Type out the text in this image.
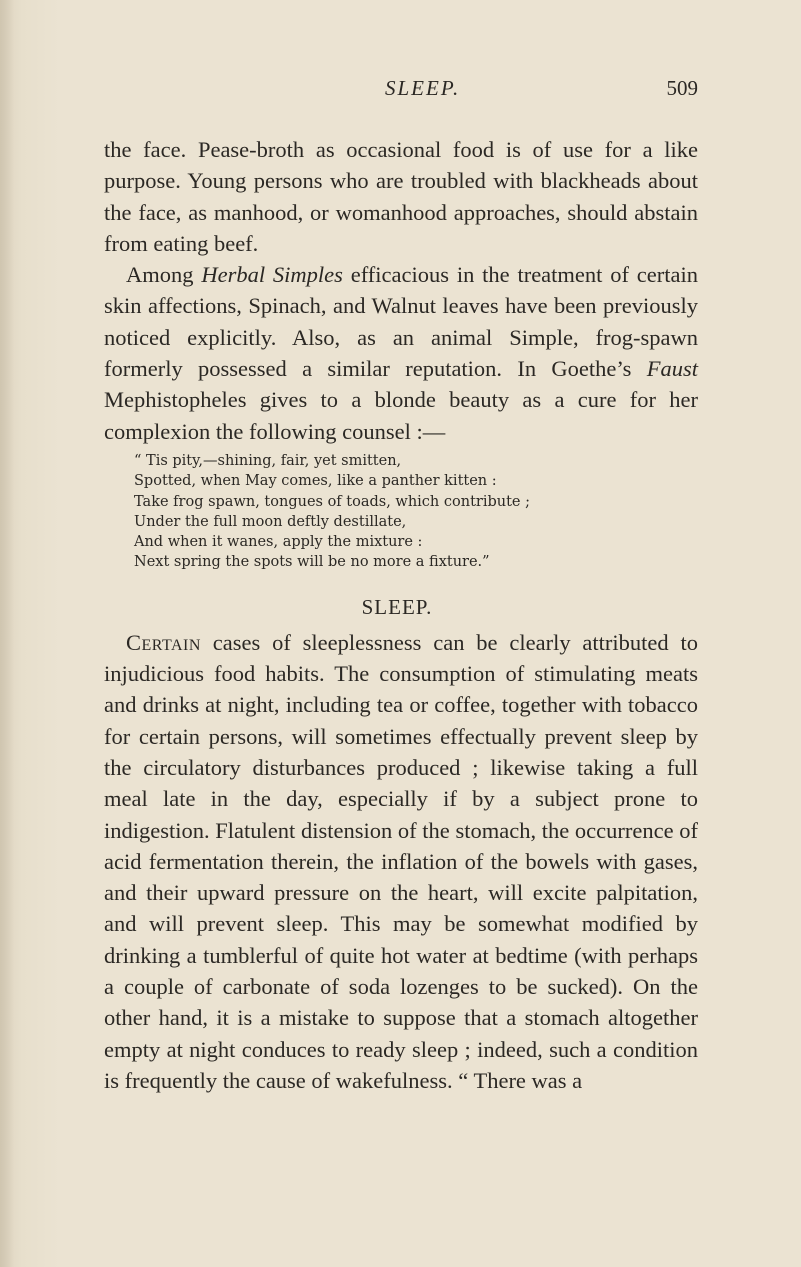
SLEEP.	509

the face. Pease-broth as occasional food is of use for a like purpose. Young persons who are troubled with blackheads about the face, as manhood, or womanhood approaches, should abstain from eating beef.

Among Herbal Simples efficacious in the treatment of certain skin affections, Spinach, and Walnut leaves have been previously noticed explicitly. Also, as an animal Simple, frog-spawn formerly possessed a similar reputation. In Goethe’s Faust Mephistopheles gives to a blonde beauty as a cure for her complexion the following counsel :—

“ Tis pity,—shining, fair, yet smitten,
Spotted, when May comes, like a panther kitten :
Take frog spawn, tongues of toads, which contribute ;
Under the full moon deftly destillate,
And when it wanes, apply the mixture :
Next spring the spots will be no more a fixture.”
SLEEP.

Certain cases of sleeplessness can be clearly attributed to injudicious food habits. The consumption of stimulating meats and drinks at night, including tea or coffee, together with tobacco for certain persons, will sometimes effectually prevent sleep by the circulatory disturbances produced ; likewise taking a full meal late in the day, especially if by a subject prone to indigestion. Flatulent distension of the stomach, the occurrence of acid fermentation therein, the inflation of the bowels with gases, and their upward pressure on the heart, will excite palpitation, and will prevent sleep. This may be somewhat modified by drinking a tumblerful of quite hot water at bedtime (with perhaps a couple of carbonate of soda lozenges to be sucked). On the other hand, it is a mistake to suppose that a stomach altogether empty at night conduces to ready sleep ; indeed, such a condition is frequently the cause of wakefulness. “ There was a
